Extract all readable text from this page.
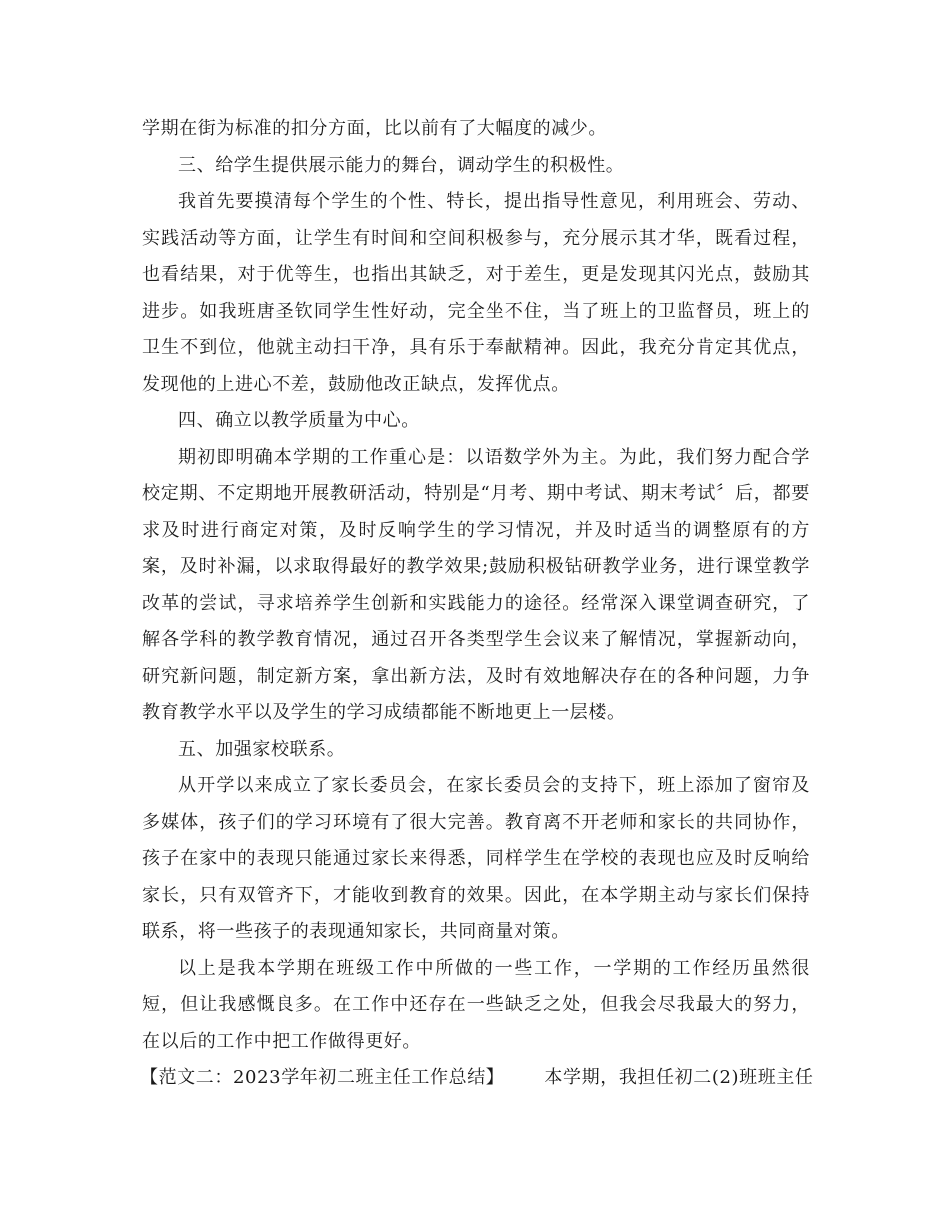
学期在街为标准的扣分方面，比以前有了大幅度的减少。

三、给学生提供展示能力的舞台，调动学生的积极性。

我首先要摸清每个学生的个性、特长，提出指导性意见，利用班会、劳动、实践活动等方面，让学生有时间和空间积极参与，充分展示其才华，既看过程，也看结果，对于优等生，也指出其缺乏，对于差生，更是发现其闪光点，鼓励其进步。如我班唐圣钦同学生性好动，完全坐不住，当了班上的卫监督员，班上的卫生不到位，他就主动扫干净，具有乐于奉献精神。因此，我充分肯定其优点，发现他的上进心不差，鼓励他改正缺点，发挥优点。

四、确立以教学质量为中心。

期初即明确本学期的工作重心是：以语数学外为主。为此，我们努力配合学校定期、不定期地开展教研活动，特别是“月考、期中考试、期末考试〞后，都要求及时进行商定对策，及时反响学生的学习情况，并及时适当的调整原有的方案，及时补漏，以求取得最好的教学效果;鼓励积极钻研教学业务，进行课堂教学改革的尝试，寻求培养学生创新和实践能力的途径。经常深入课堂调查研究，了解各学科的教学教育情况，通过召开各类型学生会议来了解情况，掌握新动向，研究新问题，制定新方案，拿出新方法，及时有效地解决存在的各种问题，力争教育教学水平以及学生的学习成绩都能不断地更上一层楼。

五、加强家校联系。

从开学以来成立了家长委员会，在家长委员会的支持下，班上添加了窗帘及多媒体，孩子们的学习环境有了很大完善。教育离不开老师和家长的共同协作，孩子在家中的表现只能通过家长来得悉，同样学生在学校的表现也应及时反响给家长，只有双管齐下，才能收到教育的效果。因此，在本学期主动与家长们保持联系，将一些孩子的表现通知家长，共同商量对策。

以上是我本学期在班级工作中所做的一些工作，一学期的工作经历虽然很短，但让我感慨良多。在工作中还存在一些缺乏之处，但我会尽我最大的努力，在以后的工作中把工作做得更好。

【范文二：2023学年初二班主任工作总结】 本学期，我担任初二(2)班班主任
